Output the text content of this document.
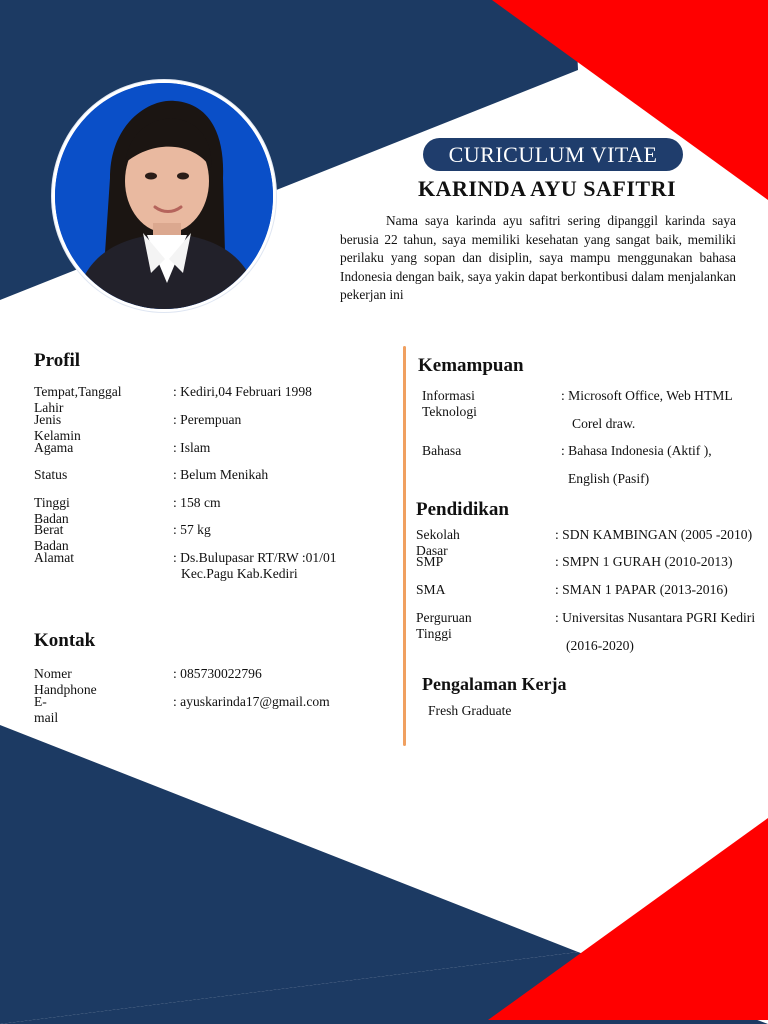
CURICULUM VITAE
KARINDA AYU SAFITRI
Nama saya karinda ayu safitri sering dipanggil karinda saya berusia 22 tahun, saya memiliki kesehatan yang sangat baik, memiliki perilaku yang sopan dan disiplin, saya mampu menggunakan bahasa Indonesia dengan baik, saya yakin dapat berkontibusi dalam menjalankan pekerjan ini
Profil
Tempat,Tanggal Lahir
: Kediri,04 Februari 1998
Jenis Kelamin
: Perempuan
Agama	: Islam
Status	: Belum Menikah
Tinggi Badan
: 158 cm
Berat Badan
: 57 kg
Alamat	: Ds.Bulupasar RT/RW :01/01
Kec.Pagu Kab.Kediri
Kontak
Nomer Handphone
: 085730022796
E-mail
: ayuskarinda17@gmail.com
Kemampuan
Informasi Teknologi
: Microsoft Office, Web HTML
Corel draw.
Bahasa	: Bahasa Indonesia (Aktif ),
English (Pasif)
Pendidikan
Sekolah Dasar
: SDN KAMBINGAN (2005 -2010)
SMP	: SMPN 1 GURAH (2010-2013)
SMA	: SMAN 1 PAPAR (2013-2016)
Perguruan Tinggi
: Universitas Nusantara PGRI Kediri
(2016-2020)
Pengalaman Kerja
Fresh Graduate
